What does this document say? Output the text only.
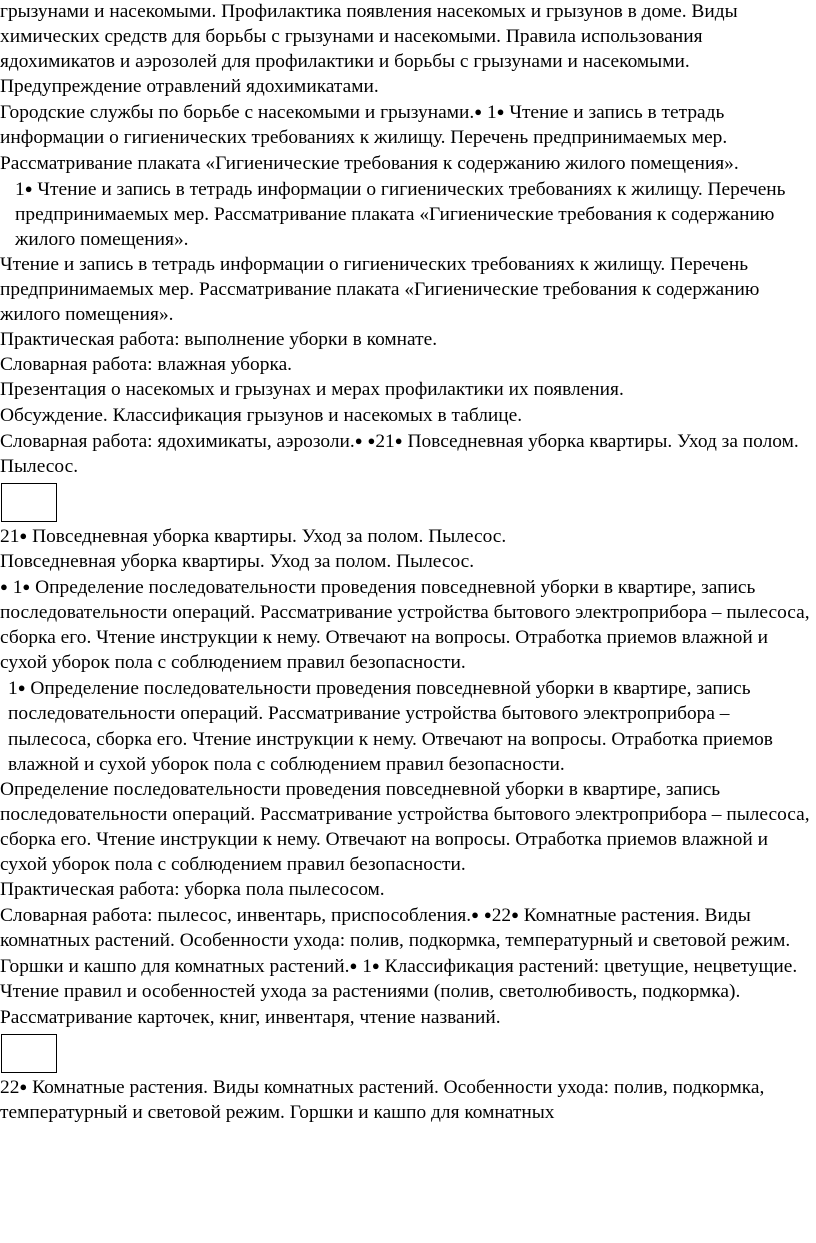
грызунами и насекомыми. Профилактика появления насекомых и грызунов в доме. Виды химических средств для борьбы с грызунами и насекомыми. Правила использования ядохимикатов и аэрозолей для профилактики и борьбы с грызунами и насекомыми. Предупреждение отравлений ядохимикатами.

Городские службы по борьбе с насекомыми и грызунами.● 1● Чтение и запись в тетрадь информации о гигиенических требованиях к жилищу. Перечень предпринимаемых мер. Рассматривание плаката «Гигиенические требования к содержанию жилого помещения».

1● Чтение и запись в тетрадь информации о гигиенических требованиях к жилищу. Перечень предпринимаемых мер. Рассматривание плаката «Гигиенические требования к содержанию жилого помещения».

Чтение и запись в тетрадь информации о гигиенических требованиях к жилищу. Перечень предпринимаемых мер. Рассматривание плаката «Гигиенические требования к содержанию жилого помещения».

Практическая работа: выполнение уборки в комнате.

Словарная работа: влажная уборка.

Презентация о насекомых и грызунах и мерах профилактики их появления.

Обсуждение. Классификация грызунов и насекомых в таблице.

Словарная работа: ядохимикаты, аэрозоли.● ●21● Повседневная уборка квартиры. Уход за полом. Пылесос.

21● Повседневная уборка квартиры. Уход за полом. Пылесос.

Повседневная уборка квартиры. Уход за полом. Пылесос.

● 1● Определение последовательности проведения повседневной уборки в квартире, запись последовательности операций. Рассматривание устройства бытового электроприбора – пылесоса, сборка его. Чтение инструкции к нему. Отвечают на вопросы. Отработка приемов влажной и сухой уборок пола с соблюдением правил безопасности.

1● Определение последовательности проведения повседневной уборки в квартире, запись последовательности операций. Рассматривание устройства бытового электроприбора – пылесоса, сборка его. Чтение инструкции к нему. Отвечают на вопросы. Отработка приемов влажной и сухой уборок пола с соблюдением правил безопасности.

Определение последовательности проведения повседневной уборки в квартире, запись последовательности операций. Рассматривание устройства бытового электроприбора – пылесоса, сборка его. Чтение инструкции к нему. Отвечают на вопросы. Отработка приемов влажной и сухой уборок пола с соблюдением правил безопасности.

Практическая работа: уборка пола пылесосом.

Словарная работа: пылесос, инвентарь, приспособления.● ●22● Комнатные растения. Виды комнатных растений. Особенности ухода: полив, подкормка, температурный и световой режим. Горшки и кашпо для комнатных растений.● 1● Классификация растений: цветущие, нецветущие. Чтение правил и особенностей ухода за растениями (полив, светолюбивость, подкормка). Рассматривание карточек, книг, инвентаря, чтение названий.

22● Комнатные растения. Виды комнатных растений. Особенности ухода: полив, подкормка, температурный и световой режим. Горшки и кашпо для комнатных
